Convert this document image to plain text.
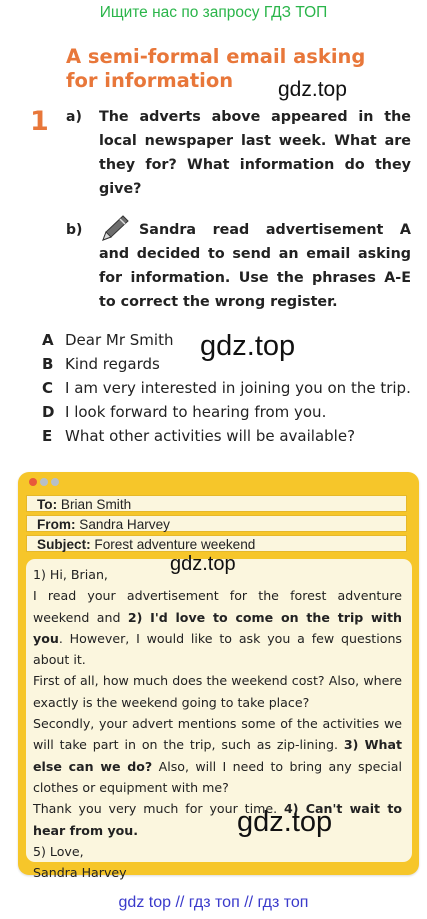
Ищите нас по запросу ГДЗ ТОП
A semi-formal email asking for information	gdz.top
1 a) The adverts above appeared in the local newspaper last week. What are they for? What information do they give?
b)	Sandra read advertisement A and decided to send an email asking for information. Use the phrases A-E to correct the wrong register.
A Dear Mr Smith
B Kind regards
C I am very interested in joining you on the trip.
D I look forward to hearing from you.
E What other activities will be available?
gdz.top
To: Brian Smith
From: Sandra Harvey
Subject: Forest adventure weekend

1) Hi, Brian,

I read your advertisement for the forest adventure weekend and 2) I'd love to come on the trip with you. However, I would like to ask you a few questions about it.

First of all, how much does the weekend cost? Also, where exactly is the weekend going to take place?

Secondly, your advert mentions some of the activities we will take part in on the trip, such as zip-lining. 3) What else can we do? Also, will I need to bring any special clothes or equipment with me?

Thank you very much for your time. 4) Can't wait to hear from you.

5) Love,

Sandra Harvey

gdz.top
gdz.top
gdz top // гдз топ // гдз топ
